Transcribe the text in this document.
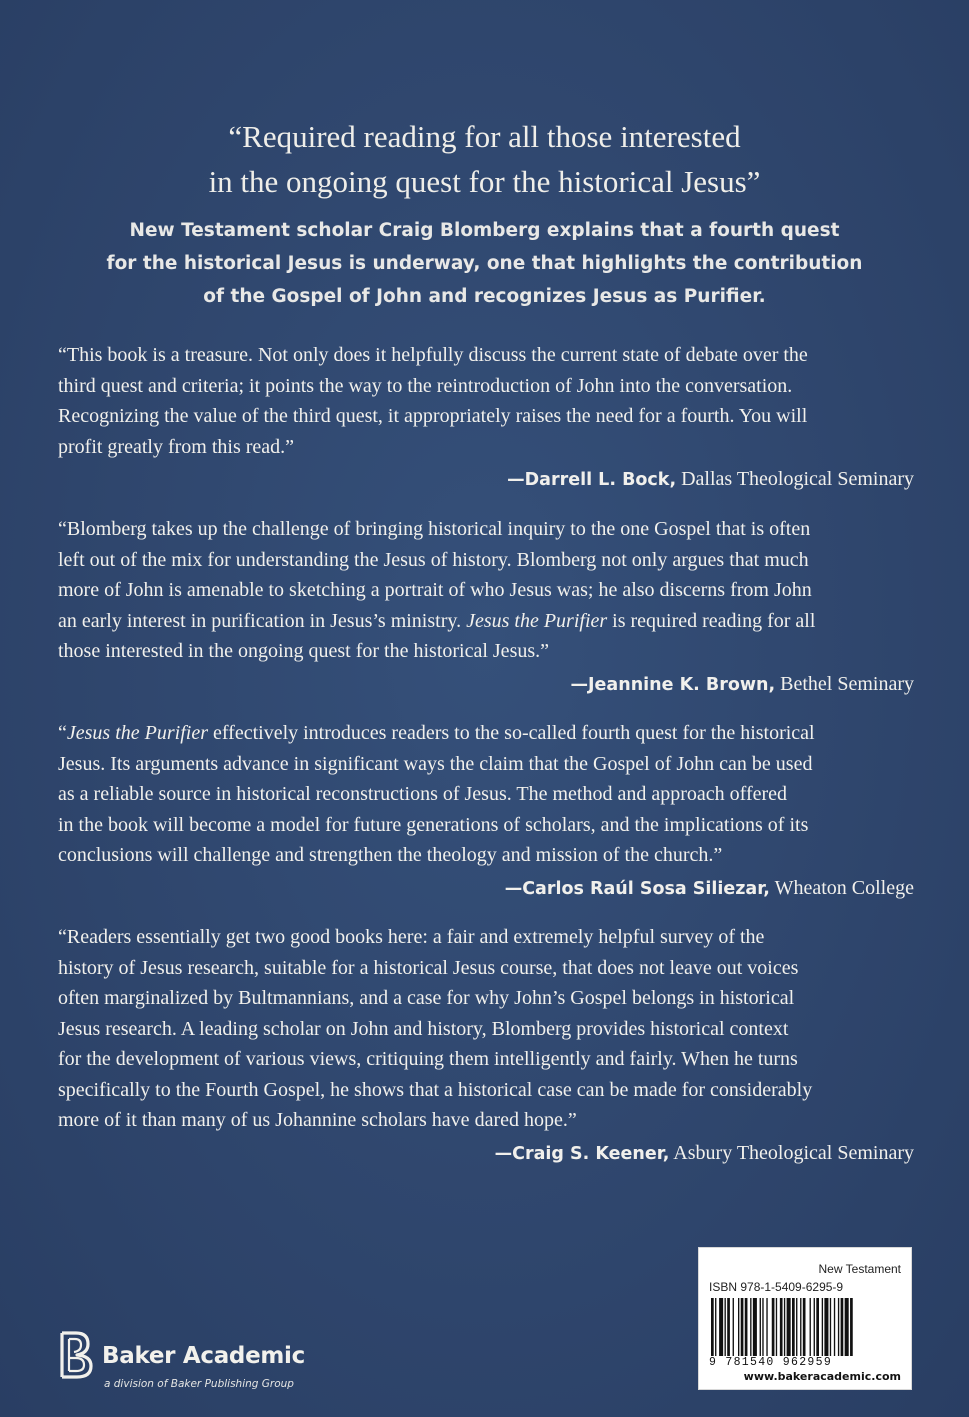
“Required reading for all those interested
in the ongoing quest for the historical Jesus”
New Testament scholar Craig Blomberg explains that a fourth quest
for the historical Jesus is underway, one that highlights the contribution
of the Gospel of John and recognizes Jesus as Purifier.
“This book is a treasure. Not only does it helpfully discuss the current state of debate over the
third quest and criteria; it points the way to the reintroduction of John into the conversation.
Recognizing the value of the third quest, it appropriately raises the need for a fourth. You will
profit greatly from this read.”
—Darrell L. Bock, Dallas Theological Seminary
“Blomberg takes up the challenge of bringing historical inquiry to the one Gospel that is often
left out of the mix for understanding the Jesus of history. Blomberg not only argues that much
more of John is amenable to sketching a portrait of who Jesus was; he also discerns from John
an early interest in purification in Jesus’s ministry. Jesus the Purifier is required reading for all
those interested in the ongoing quest for the historical Jesus.”
—Jeannine K. Brown, Bethel Seminary
“Jesus the Purifier effectively introduces readers to the so-called fourth quest for the historical
Jesus. Its arguments advance in significant ways the claim that the Gospel of John can be used
as a reliable source in historical reconstructions of Jesus. The method and approach offered
in the book will become a model for future generations of scholars, and the implications of its
conclusions will challenge and strengthen the theology and mission of the church.”
—Carlos Raúl Sosa Siliezar, Wheaton College
“Readers essentially get two good books here: a fair and extremely helpful survey of the
history of Jesus research, suitable for a historical Jesus course, that does not leave out voices
often marginalized by Bultmannians, and a case for why John’s Gospel belongs in historical
Jesus research. A leading scholar on John and history, Blomberg provides historical context
for the development of various views, critiquing them intelligently and fairly. When he turns
specifically to the Fourth Gospel, he shows that a historical case can be made for considerably
more of it than many of us Johannine scholars have dared hope.”
—Craig S. Keener, Asbury Theological Seminary
Baker Academic
a division of Baker Publishing Group
New Testament
ISBN 978-1-5409-6295-9
9 781540 962959
www.bakeracademic.com
